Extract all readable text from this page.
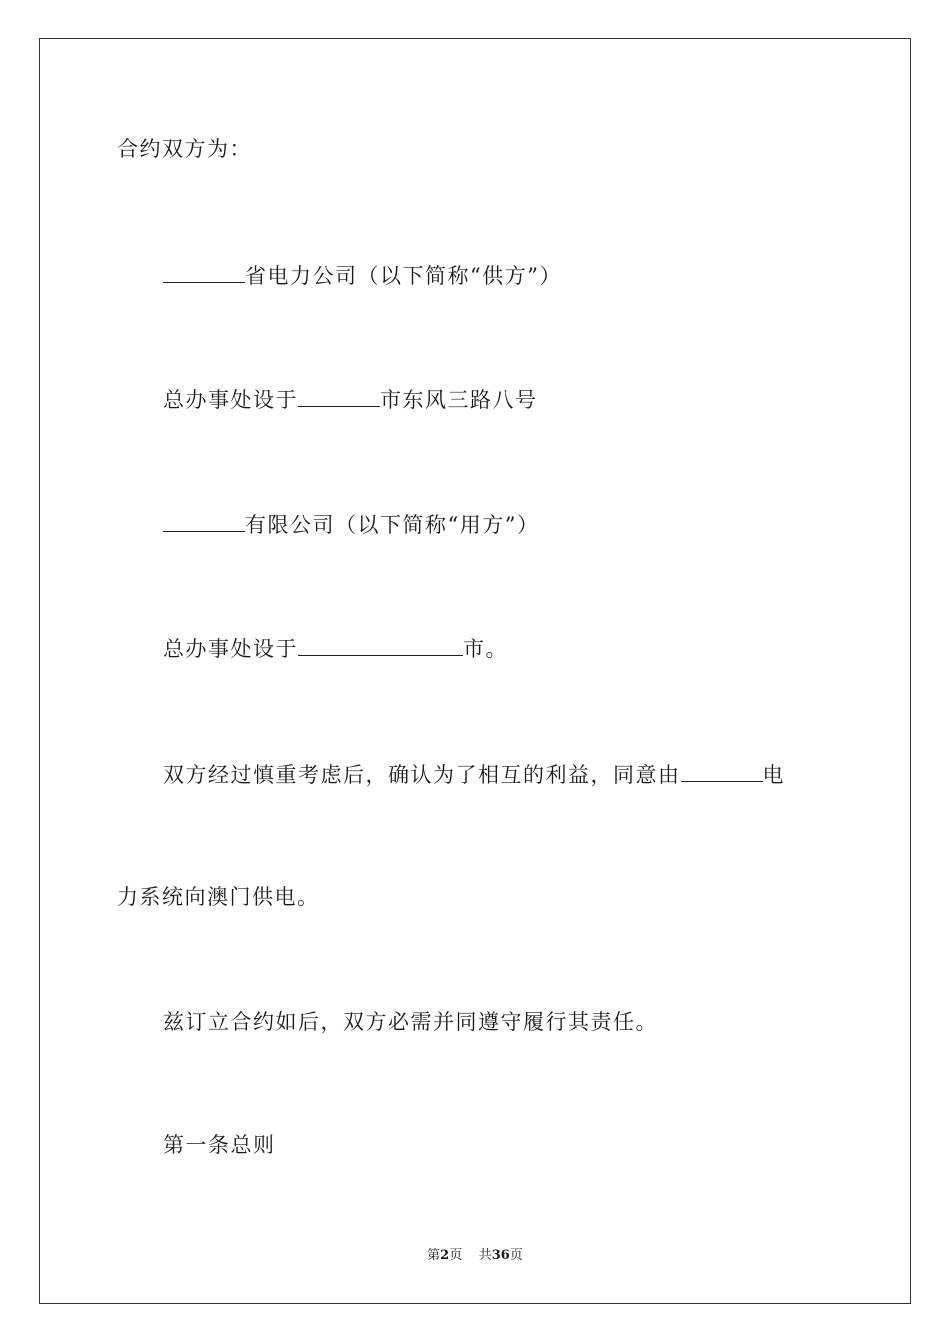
合约双方为：
省电力公司（以下简称“供方”）
总办事处设于	市东风三路八号
有限公司（以下简称“用方”）
总办事处设于	市。
双方经过慎重考虑后，确认为了相互的利益，同意由	电
力系统向澳门供电。
兹订立合约如后，双方必需并同遵守履行其责任。
第一条总则
第2页 共36页
